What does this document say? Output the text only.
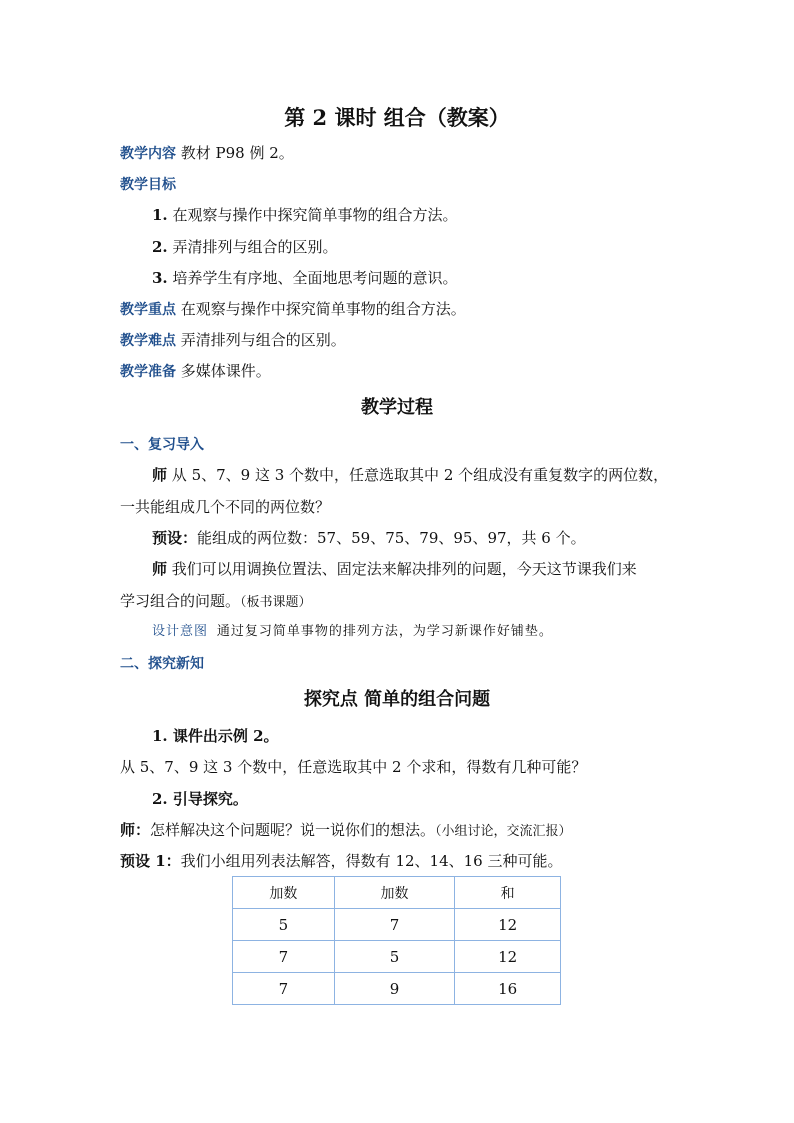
第 2 课时 组合（教案）
教学内容 教材 P98 例 2。
教学目标
1. 在观察与操作中探究简单事物的组合方法。
2. 弄清排列与组合的区别。
3. 培养学生有序地、全面地思考问题的意识。
教学重点 在观察与操作中探究简单事物的组合方法。
教学难点 弄清排列与组合的区别。
教学准备 多媒体课件。
教学过程
一、复习导入
师 从 5、7、9 这 3 个数中，任意选取其中 2 个组成没有重复数字的两位数，
一共能组成几个不同的两位数？
预设：能组成的两位数：57、59、75、79、95、97，共 6 个。
师 我们可以用调换位置法、固定法来解决排列的问题，今天这节课我们来
学习组合的问题。（板书课题）
设计意图 通过复习简单事物的排列方法，为学习新课作好铺垫。
二、探究新知
探究点 简单的组合问题
1. 课件出示例 2。
从 5、7、9 这 3 个数中，任意选取其中 2 个求和，得数有几种可能？
2. 引导探究。
师：怎样解决这个问题呢？说一说你们的想法。（小组讨论，交流汇报）
预设 1：我们小组用列表法解答，得数有 12、14、16 三种可能。
加数	加数	和
5	7	12
7	5	12
7	9	16
